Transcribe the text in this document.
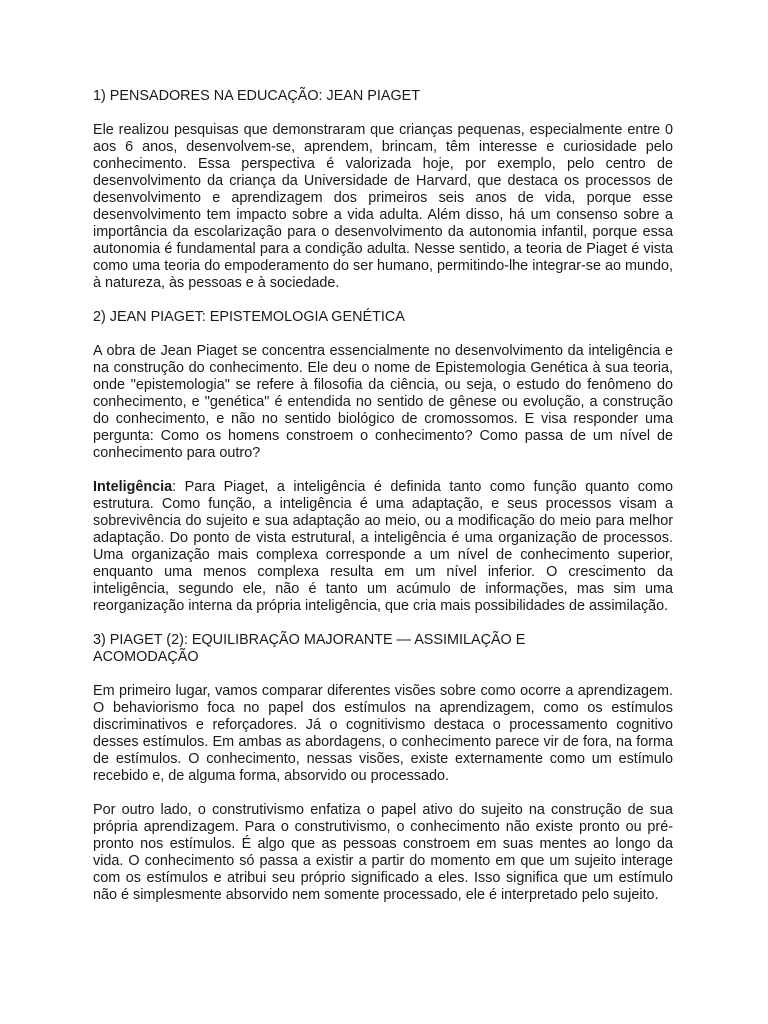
1) PENSADORES NA EDUCAÇÃO: JEAN PIAGET

Ele realizou pesquisas que demonstraram que crianças pequenas, especialmente entre 0 aos 6 anos, desenvolvem-se, aprendem, brincam, têm interesse e curiosidade pelo conhecimento. Essa perspectiva é valorizada hoje, por exemplo, pelo centro de desenvolvimento da criança da Universidade de Harvard, que destaca os processos de desenvolvimento e aprendizagem dos primeiros seis anos de vida, porque esse desenvolvimento tem impacto sobre a vida adulta. Além disso, há um consenso sobre a importância da escolarização para o desenvolvimento da autonomia infantil, porque essa autonomia é fundamental para a condição adulta. Nesse sentido, a teoria de Piaget é vista como uma teoria do empoderamento do ser humano, permitindo-lhe integrar-se ao mundo, à natureza, às pessoas e à sociedade.

2) JEAN PIAGET: EPISTEMOLOGIA GENÉTICA

A obra de Jean Piaget se concentra essencialmente no desenvolvimento da inteligência e na construção do conhecimento. Ele deu o nome de Epistemologia Genética à sua teoria, onde "epistemologia" se refere à filosofia da ciência, ou seja, o estudo do fenômeno do conhecimento, e "genética" é entendida no sentido de gênese ou evolução, a construção do conhecimento, e não no sentido biológico de cromossomos. E visa responder uma pergunta: Como os homens constroem o conhecimento? Como passa de um nível de conhecimento para outro?

Inteligência: Para Piaget, a inteligência é definida tanto como função quanto como estrutura. Como função, a inteligência é uma adaptação, e seus processos visam a sobrevivência do sujeito e sua adaptação ao meio, ou a modificação do meio para melhor adaptação. Do ponto de vista estrutural, a inteligência é uma organização de processos. Uma organização mais complexa corresponde a um nível de conhecimento superior, enquanto uma menos complexa resulta em um nível inferior. O crescimento da inteligência, segundo ele, não é tanto um acúmulo de informações, mas sim uma reorganização interna da própria inteligência, que cria mais possibilidades de assimilação.

3) PIAGET (2): EQUILIBRAÇÃO MAJORANTE — ASSIMILAÇÃO E
ACOMODAÇÃO

Em primeiro lugar, vamos comparar diferentes visões sobre como ocorre a aprendizagem. O behaviorismo foca no papel dos estímulos na aprendizagem, como os estímulos discriminativos e reforçadores. Já o cognitivismo destaca o processamento cognitivo desses estímulos. Em ambas as abordagens, o conhecimento parece vir de fora, na forma de estímulos. O conhecimento, nessas visões, existe externamente como um estímulo recebido e, de alguma forma, absorvido ou processado.

Por outro lado, o construtivismo enfatiza o papel ativo do sujeito na construção de sua própria aprendizagem. Para o construtivismo, o conhecimento não existe pronto ou pré-pronto nos estímulos. É algo que as pessoas constroem em suas mentes ao longo da vida. O conhecimento só passa a existir a partir do momento em que um sujeito interage com os estímulos e atribui seu próprio significado a eles. Isso significa que um estímulo não é simplesmente absorvido nem somente processado, ele é interpretado pelo sujeito.
